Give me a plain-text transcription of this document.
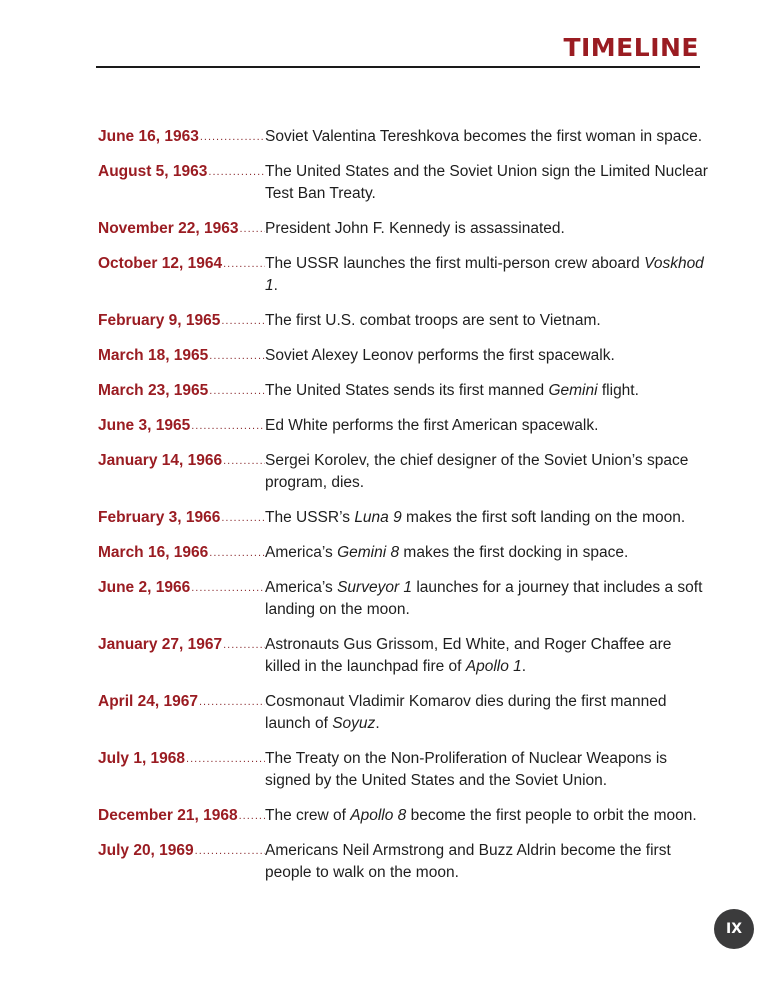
TIMELINE
June 16, 1963 .....	Soviet Valentina Tereshkova becomes the first woman in space.
August 5, 1963 .....	The United States and the Soviet Union sign the Limited Nuclear Test Ban Treaty.
November 22, 1963 ..... President John F. Kennedy is assassinated.
October 12, 1964 .....	The USSR launches the first multi-person crew aboard Voskhod 1.
February 9, 1965 .....	The first U.S. combat troops are sent to Vietnam.
March 18, 1965 .....	Soviet Alexey Leonov performs the first spacewalk.
March 23, 1965 .....	The United States sends its first manned Gemini flight.
June 3, 1965 .....	Ed White performs the first American spacewalk.
January 14, 1966 .....	Sergei Korolev, the chief designer of the Soviet Union’s space program, dies.
February 3, 1966 .....	The USSR’s Luna 9 makes the first soft landing on the moon.
March 16, 1966 .....	America’s Gemini 8 makes the first docking in space.
June 2, 1966 .....	America’s Surveyor 1 launches for a journey that includes a soft landing on the moon.
January 27, 1967 .....	Astronauts Gus Grissom, Ed White, and Roger Chaffee are killed in the launchpad fire of Apollo 1.
April 24, 1967 .....	Cosmonaut Vladimir Komarov dies during the first manned launch of Soyuz.
July 1, 1968 .....	The Treaty on the Non-Proliferation of Nuclear Weapons is signed by the United States and the Soviet Union.
December 21, 1968 ..... The crew of Apollo 8 become the first people to orbit the moon.
July 20, 1969 .....	Americans Neil Armstrong and Buzz Aldrin become the first people to walk on the moon.
IX
